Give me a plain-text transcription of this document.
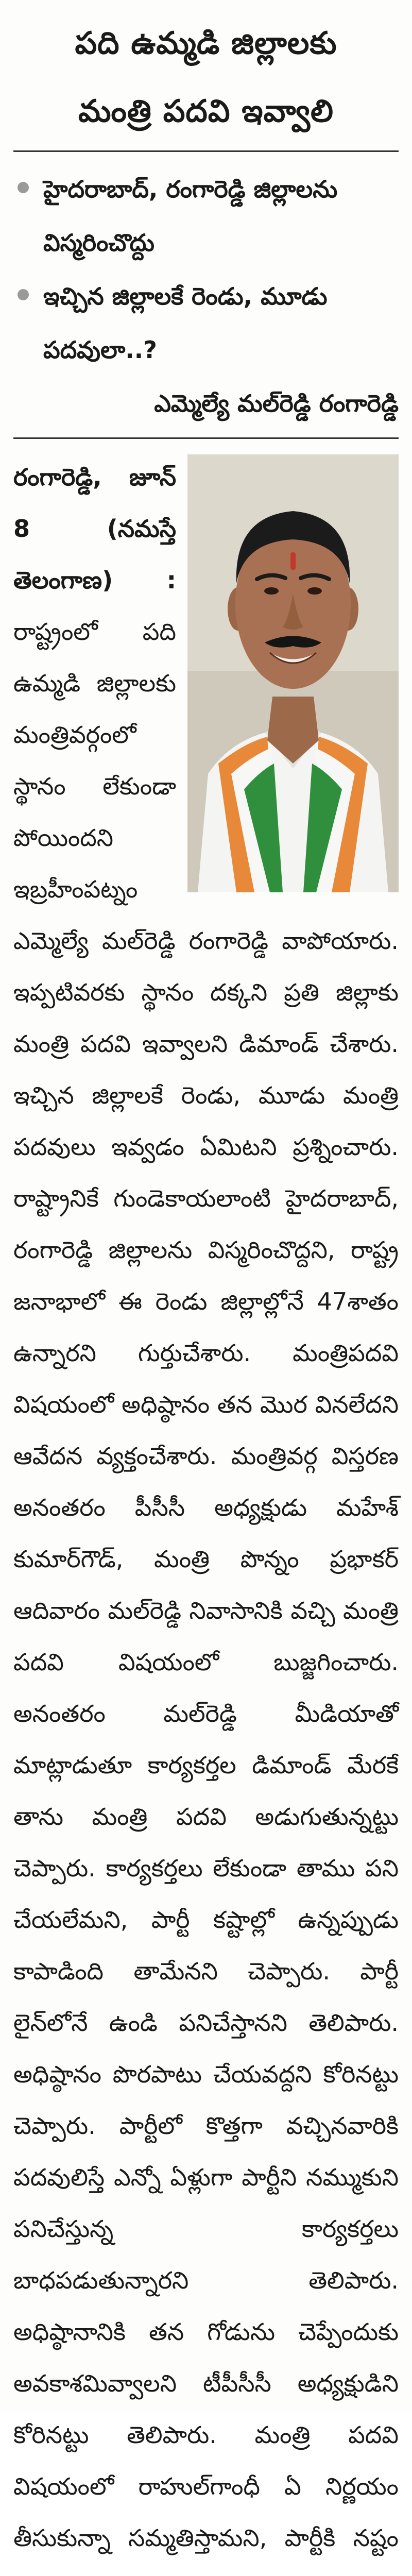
పది ఉమ్మడి జిల్లాలకు
మంత్రి పదవి ఇవ్వాలి
హైదరాబాద్‌, రంగారెడ్డి జిల్లాలను విస్మరించొద్దు
ఇచ్చిన జిల్లాలకే రెండు, మూడు పదవులా..?
ఎమ్మెల్యే మల్‌రెడ్డి రంగారెడ్డి

రంగారెడ్డి, జూన్‌ 8 (నమస్తే తెలంగాణ) : రాష్ట్రంలో పది ఉమ్మడి జిల్లాలకు మంత్రివర్గంలో స్థానం లేకుండా పోయిందని ఇబ్రహీంపట్నం ఎమ్మెల్యే మల్‌రెడ్డి రంగారెడ్డి వాపోయారు. ఇప్పటివరకు స్థానం దక్కని ప్రతి జిల్లాకు మంత్రి పదవి ఇవ్వాలని డిమాండ్‌ చేశారు. ఇచ్చిన జిల్లాలకే రెండు, మూడు మంత్రి పదవులు ఇవ్వడం ఏమిటని ప్రశ్నించారు. రాష్ట్రానికే గుండెకాయలాంటి హైదరాబాద్‌, రంగారెడ్డి జిల్లాలను విస్మరించొద్దని, రాష్ట్ర జనాభాలో ఈ రెండు జిల్లాల్లోనే 47శాతం ఉన్నారని గుర్తుచేశారు. మంత్రిపదవి విషయంలో అధిష్ఠానం తన మొర వినలేదని ఆవేదన వ్యక్తంచేశారు. మంత్రివర్గ విస్తరణ అనంతరం పీసీసీ అధ్యక్షుడు మహేశ్‌ కుమార్‌గౌడ్‌, మంత్రి పొన్నం ప్రభాకర్‌ ఆదివారం మల్‌రెడ్డి నివాసానికి వచ్చి మంత్రి పదవి విషయంలో బుజ్జగించారు. అనంతరం మల్‌రెడ్డి మీడియాతో మాట్లాడుతూ కార్యకర్తల డిమాండ్‌ మేరకే తాను మంత్రి పదవి అడుగుతున్నట్టు చెప్పారు. కార్యకర్తలు లేకుండా తాము పని చేయలేమని, పార్టీ కష్టాల్లో ఉన్నప్పుడు కాపాడింది తామేనని చెప్పారు. పార్టీ లైన్‌లోనే ఉండి పనిచేస్తానని తెలిపారు. అధిష్ఠానం పొరపాటు చేయవద్దని కోరినట్టు చెప్పారు. పార్టీలో కొత్తగా వచ్చినవారికి పదవులిస్తే ఎన్నో ఏళ్లుగా పార్టీని నమ్ముకుని పనిచేస్తున్న కార్యకర్తలు బాధపడుతున్నారని తెలిపారు. అధిష్ఠానానికి తన గోడును చెప్పేందుకు అవకాశమివ్వాలని టీపీసీసీ అధ్యక్షుడిని కోరినట్టు తెలిపారు. మంత్రి పదవి విషయంలో రాహుల్‌గాంధీ ఏ నిర్ణయం తీసుకున్నా సమ్మతిస్తామని, పార్టీకి నష్టం
